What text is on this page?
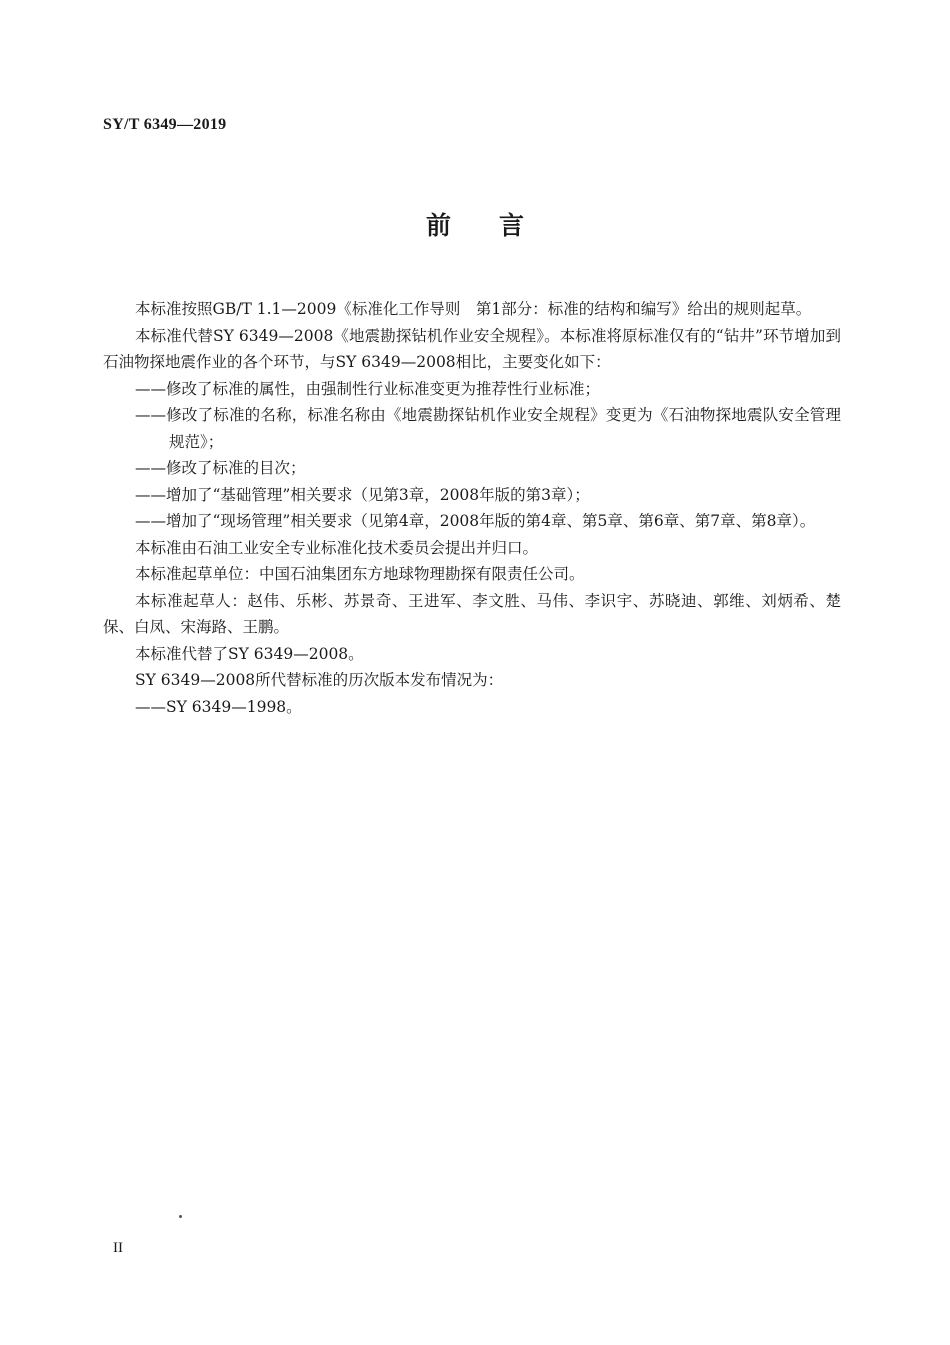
SY/T 6349—2019
前言

本标准按照GB/T 1.1—2009《标准化工作导则　第1部分：标准的结构和编写》给出的规则起草。

本标准代替SY 6349—2008《地震勘探钻机作业安全规程》。本标准将原标准仅有的“钻井”环节增加到石油物探地震作业的各个环节，与SY 6349—2008相比，主要变化如下：

——修改了标准的属性，由强制性行业标准变更为推荐性行业标准；

——修改了标准的名称，标准名称由《地震勘探钻机作业安全规程》变更为《石油物探地震队安全管理规范》；

——修改了标准的目次；

——增加了“基础管理”相关要求（见第3章，2008年版的第3章）；

——增加了“现场管理”相关要求（见第4章，2008年版的第4章、第5章、第6章、第7章、第8章）。

本标准由石油工业安全专业标准化技术委员会提出并归口。

本标准起草单位：中国石油集团东方地球物理勘探有限责任公司。

本标准起草人：赵伟、乐彬、苏景奇、王进军、李文胜、马伟、李识宇、苏晓迪、郭维、刘炳希、楚保、白凤、宋海路、王鹏。

本标准代替了SY 6349—2008。

SY 6349—2008所代替标准的历次版本发布情况为：

——SY 6349—1998。

II
